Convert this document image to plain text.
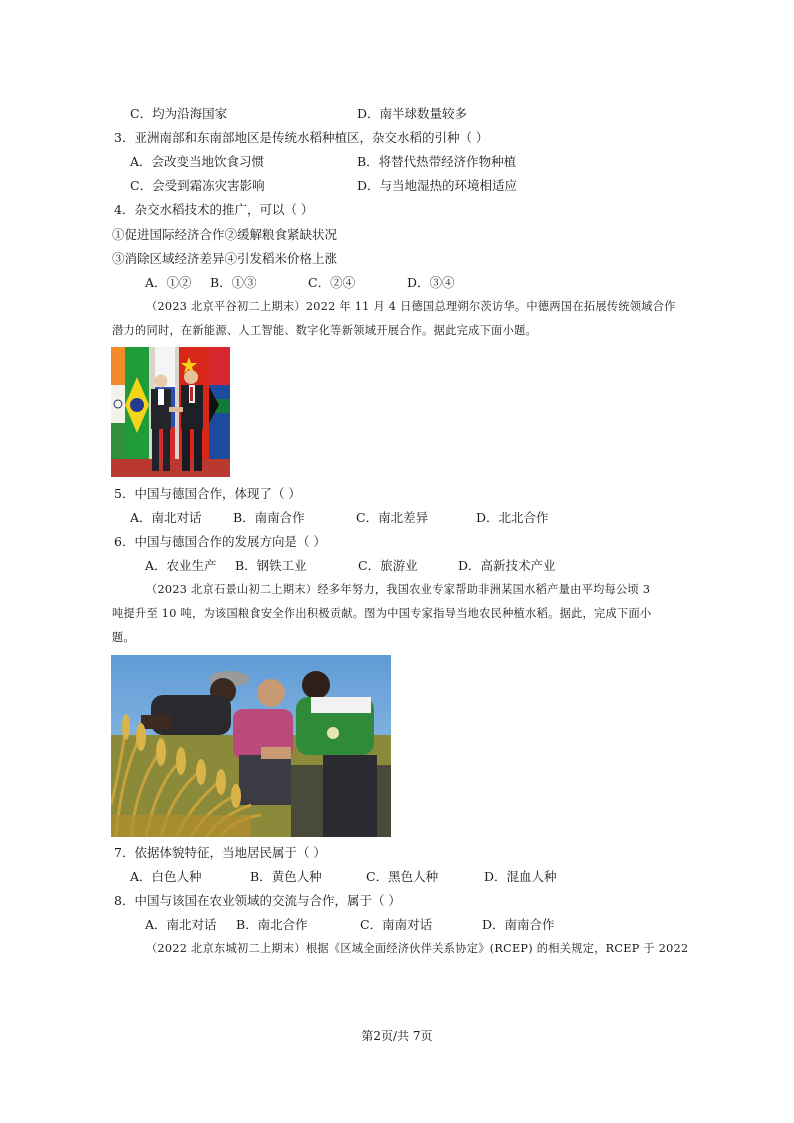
C．均为沿海国家	D．南半球数量较多
3．亚洲南部和东南部地区是传统水稻种植区，杂交水稻的引种（ ）
A．会改变当地饮食习惯	B．将替代热带经济作物种植
C．会受到霜冻灾害影响	D．与当地湿热的环境相适应
4．杂交水稻技术的推广，可以（ ）
①促进国际经济合作②缓解粮食紧缺状况
③消除区域经济差异④引发稻米价格上涨
A．①② B．①③	C．②④	D．③④
（2023 北京平谷初二上期末）2022 年 11 月 4 日德国总理朔尔茨访华。中德两国在拓展传统领域合作
潜力的同时，在新能源、人工智能、数字化等新领域开展合作。据此完成下面小题。
5．中国与德国合作，体现了（ ）
A．南北对话	B．南南合作	C．南北差异	D．北北合作
6．中国与德国合作的发展方向是（ ）
A．农业生产 B．钢铁工业	C．旅游业	D．高新技术产业
（2023 北京石景山初二上期末）经多年努力，我国农业专家帮助非洲某国水稻产量由平均每公顷 3
吨提升至 10 吨，为该国粮食安全作出积极贡献。图为中国专家指导当地农民种植水稻。据此，完成下面小
题。
7．依据体貌特征，当地居民属于（ ）
A．白色人种	B．黄色人种	C．黑色人种	D．混血人种
8．中国与该国在农业领域的交流与合作，属于（ ）
A．南北对话 B．南北合作	C．南南对话	D．南南合作
（2022 北京东城初二上期末）根据《区域全面经济伙伴关系协定》(RCEP) 的相关规定，RCEP 于 2022
第2页/共 7页
